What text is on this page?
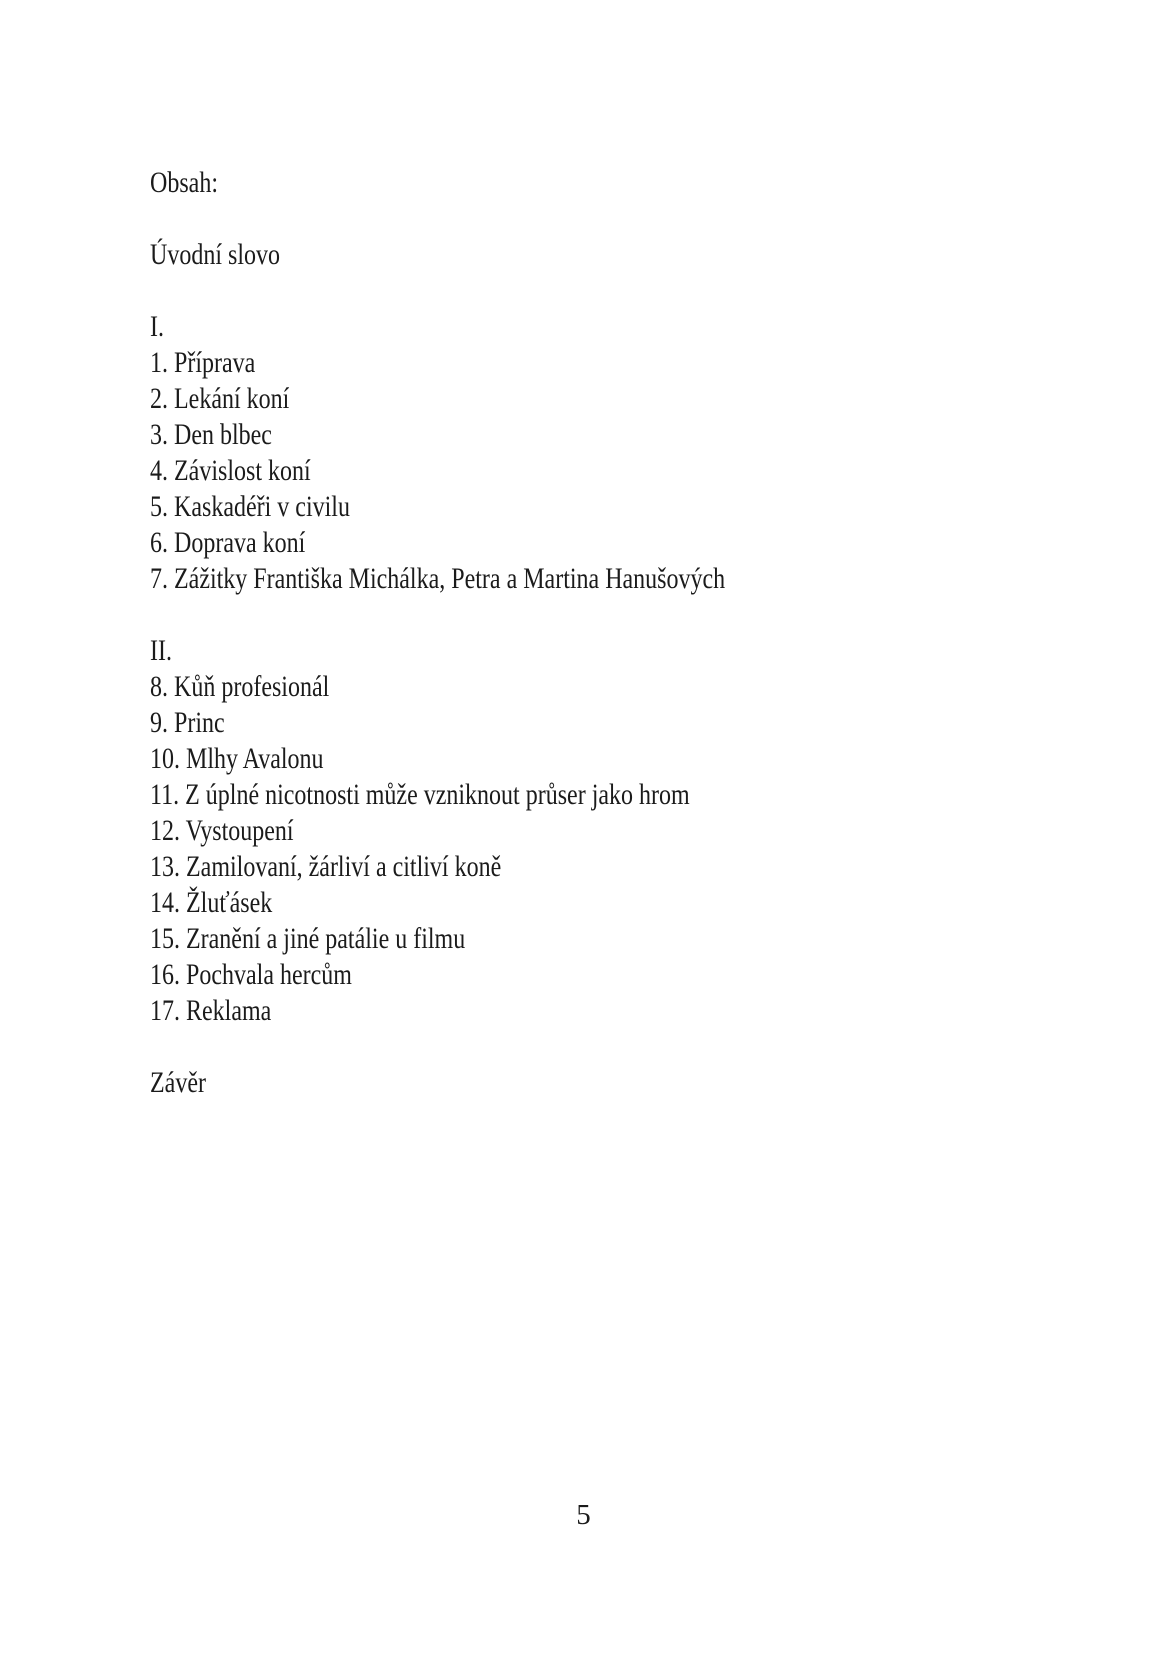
Obsah:
Úvodní slovo
I.
1. Příprava
2. Lekání koní
3. Den blbec
4. Závislost koní
5. Kaskadéři v civilu
6. Doprava koní
7. Zážitky Františka Michálka, Petra a Martina Hanušových
II.
8. Kůň profesionál
9. Princ
10. Mlhy Avalonu
11. Z úplné nicotnosti může vzniknout průser jako hrom
12. Vystoupení
13. Zamilovaní, žárliví a citliví koně
14. Žluťásek
15. Zranění a jiné patálie u filmu
16. Pochvala hercům
17. Reklama
Závěr
5
